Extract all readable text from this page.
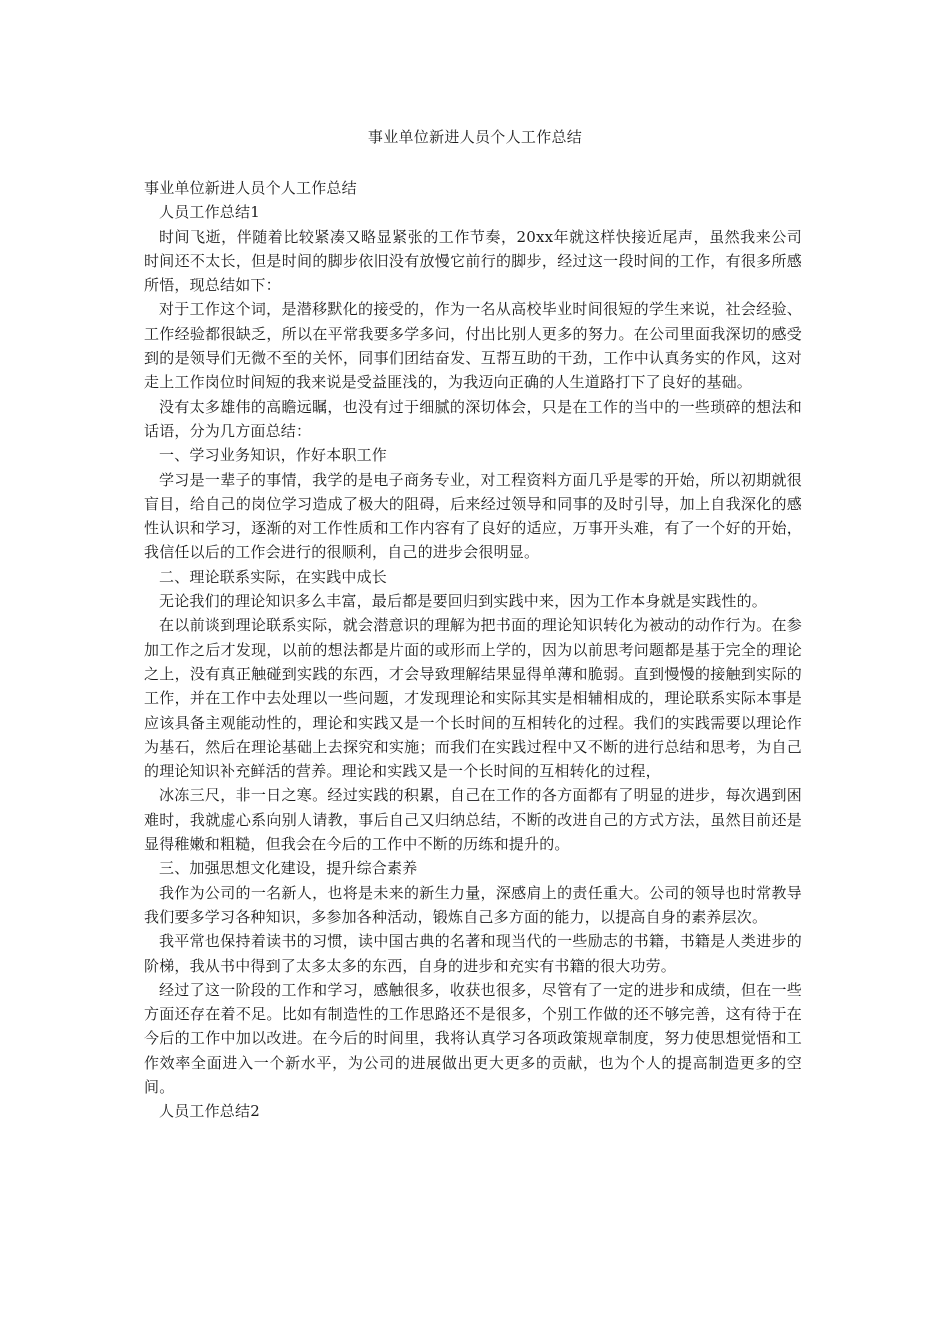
事业单位新进人员个人工作总结

事业单位新进人员个人工作总结

人员工作总结1

时间飞逝，伴随着比较紧凑又略显紧张的工作节奏，20xx年就这样快接近尾声，虽然我来公司时间还不太长，但是时间的脚步依旧没有放慢它前行的脚步，经过这一段时间的工作，有很多所感所悟，现总结如下：

对于工作这个词，是潜移默化的接受的，作为一名从高校毕业时间很短的学生来说，社会经验、工作经验都很缺乏，所以在平常我要多学多问，付出比别人更多的努力。在公司里面我深切的感受到的是领导们无微不至的关怀，同事们团结奋发、互帮互助的干劲，工作中认真务实的作风，这对走上工作岗位时间短的我来说是受益匪浅的，为我迈向正确的人生道路打下了良好的基础。

没有太多雄伟的高瞻远瞩，也没有过于细腻的深切体会，只是在工作的当中的一些琐碎的想法和话语，分为几方面总结：

一、学习业务知识，作好本职工作

学习是一辈子的事情，我学的是电子商务专业，对工程资料方面几乎是零的开始，所以初期就很盲目，给自己的岗位学习造成了极大的阻碍，后来经过领导和同事的及时引导，加上自我深化的感性认识和学习，逐渐的对工作性质和工作内容有了良好的适应，万事开头难，有了一个好的开始，我信任以后的工作会进行的很顺利，自己的进步会很明显。

二、理论联系实际，在实践中成长

无论我们的理论知识多么丰富，最后都是要回归到实践中来，因为工作本身就是实践性的。

在以前谈到理论联系实际，就会潜意识的理解为把书面的理论知识转化为被动的动作行为。在参加工作之后才发现，以前的想法都是片面的或形而上学的，因为以前思考问题都是基于完全的理论之上，没有真正触碰到实践的东西，才会导致理解结果显得单薄和脆弱。直到慢慢的接触到实际的工作，并在工作中去处理以一些问题，才发现理论和实际其实是相辅相成的，理论联系实际本事是应该具备主观能动性的，理论和实践又是一个长时间的互相转化的过程。我们的实践需要以理论作为基石，然后在理论基础上去探究和实施；而我们在实践过程中又不断的进行总结和思考，为自己的理论知识补充鲜活的营养。理论和实践又是一个长时间的互相转化的过程，

冰冻三尺，非一日之寒。经过实践的积累，自己在工作的各方面都有了明显的进步，每次遇到困难时，我就虚心系向别人请教，事后自己又归纳总结，不断的改进自己的方式方法，虽然目前还是显得稚嫩和粗糙，但我会在今后的工作中不断的历练和提升的。

三、加强思想文化建设，提升综合素养

我作为公司的一名新人，也将是未来的新生力量，深感肩上的责任重大。公司的领导也时常教导我们要多学习各种知识，多参加各种活动，锻炼自己多方面的能力，以提高自身的素养层次。

我平常也保持着读书的习惯，读中国古典的名著和现当代的一些励志的书籍，书籍是人类进步的阶梯，我从书中得到了太多太多的东西，自身的进步和充实有书籍的很大功劳。

经过了这一阶段的工作和学习，感触很多，收获也很多，尽管有了一定的进步和成绩，但在一些方面还存在着不足。比如有制造性的工作思路还不是很多，个别工作做的还不够完善，这有待于在今后的工作中加以改进。在今后的时间里，我将认真学习各项政策规章制度，努力使思想觉悟和工作效率全面进入一个新水平，为公司的进展做出更大更多的贡献，也为个人的提高制造更多的空间。

人员工作总结2
